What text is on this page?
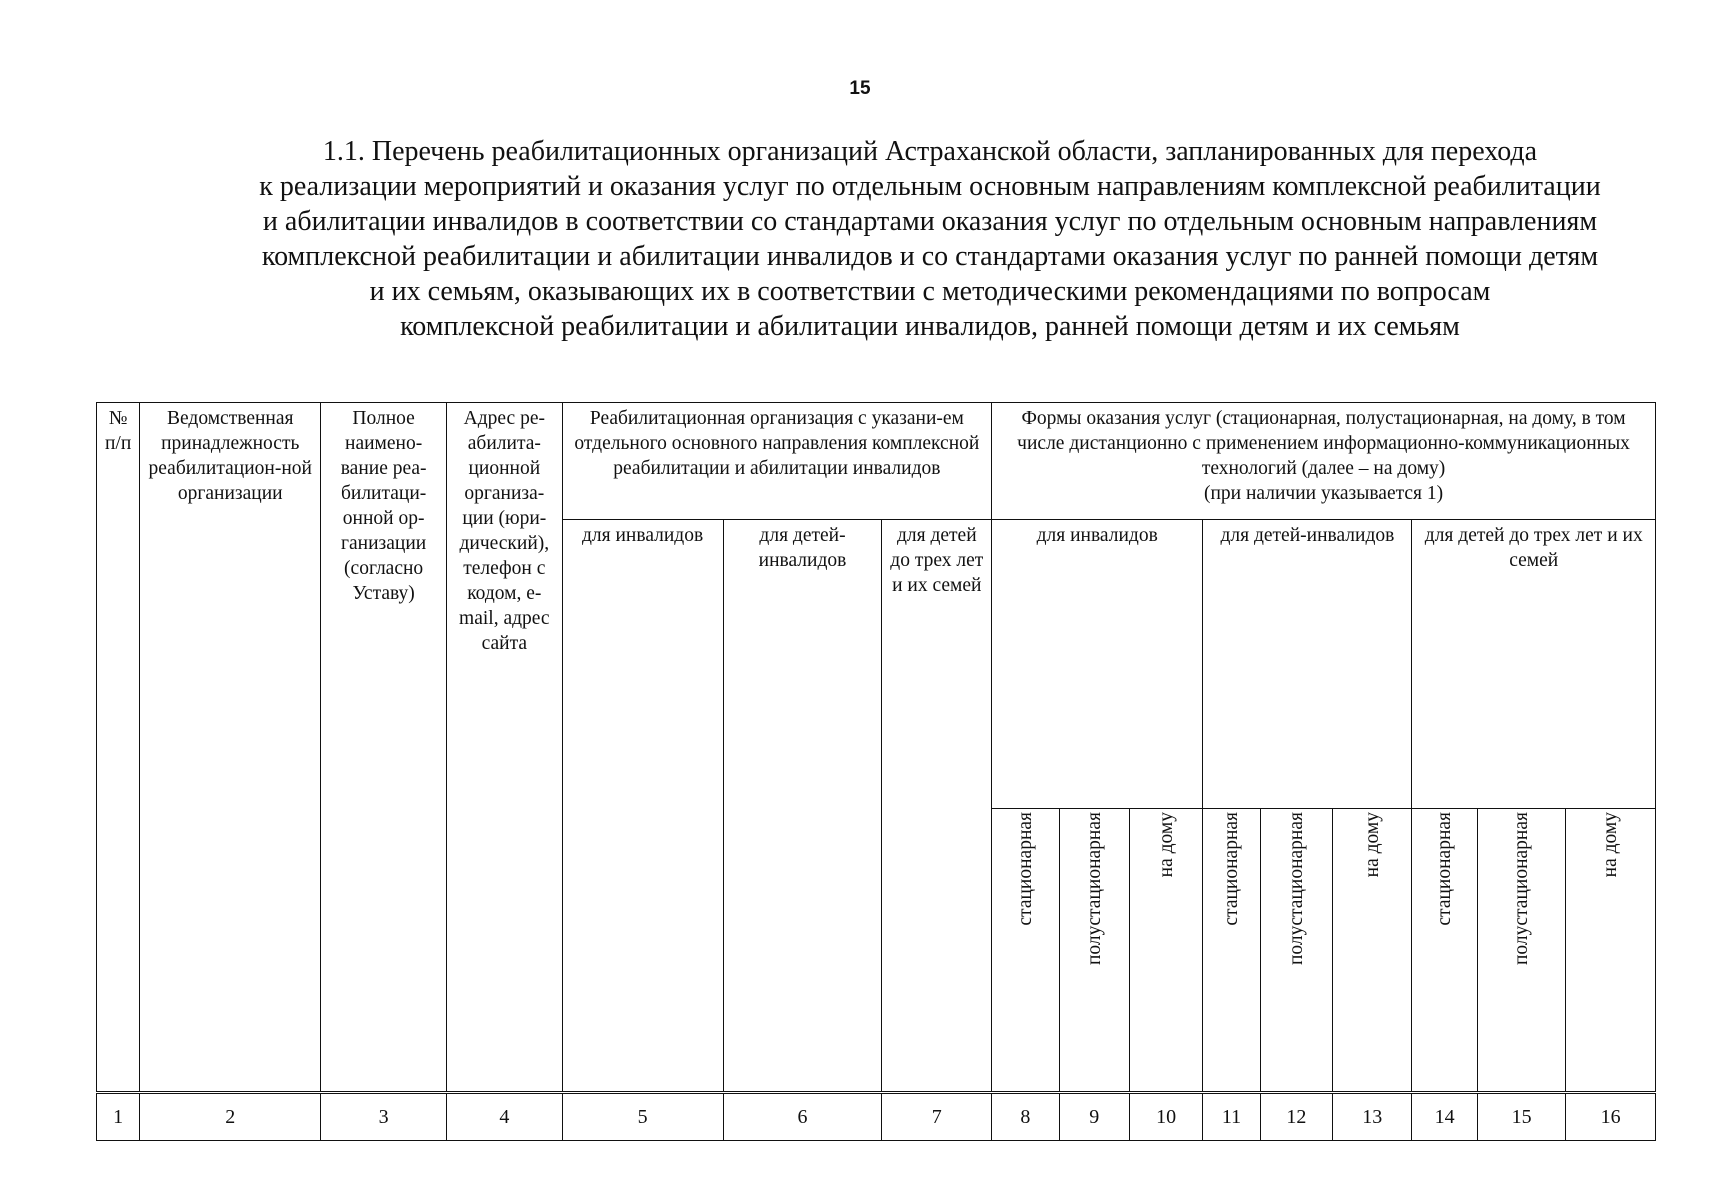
15
1.1. Перечень реабилитационных организаций Астраханской области, запланированных для перехода
к реализации мероприятий и оказания услуг по отдельным основным направлениям комплексной реабилитации
и абилитации инвалидов в соответствии со стандартами оказания услуг по отдельным основным направлениям
комплексной реабилитации и абилитации инвалидов и со стандартами оказания услуг по ранней помощи детям
и их семьям, оказывающих их в соответствии с методическими рекомендациями по вопросам
комплексной реабилитации и абилитации инвалидов, ранней помощи детям и их семьям
№ п/п	Ведомственная принадлежность реабилитацион-ной организации	Полное наимено-вание реа-билитаци-онной ор-ганизации (согласно Уставу)	Адрес ре-абилита-ционной организа-ции (юри-дический), телефон с кодом, e-mail, адрес сайта	Реабилитационная организация с указани-ем отдельного основного направления комплексной реабилитации и абилитации инвалидов			Формы оказания услуг (стационарная, полустационарная, на дому, в том числе дистанционно с применением информационно-коммуникационных технологий (далее – на дому)
(при наличии указывается 1)								

				для инвалидов	для детей-инвалидов	для детей до трех лет и их семей	для инвалидов			для детей-инвалидов			для детей до трех лет и их семей		

							стационарная	полустационарная	на дому	стационарная	полустационарная	на дому	стационарная	полустационарная	на дому

1	2	3	4	5	6	7	8	9	10	11	12	13	14	15	16
